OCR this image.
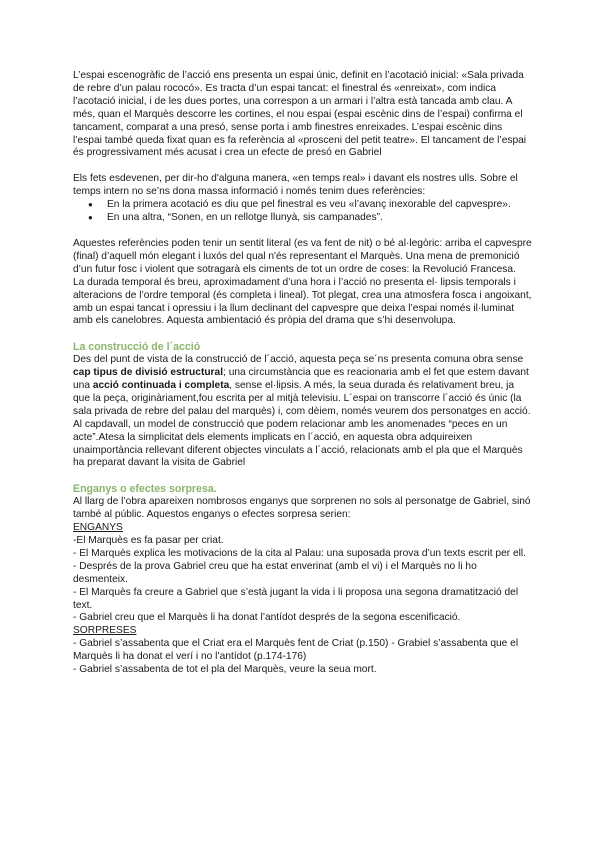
L’espai escenogràfic de l’acció ens presenta un espai únic, definit en l’acotació inicial: «Sala privada de rebre d’un palau rococó». Es tracta d’un espai tancat: el finestral és «enreixat», com indica l’acotació inicial, i de les dues portes, una correspon a un armari i l’altra està tancada amb clau. A més, quan el Marquès descorre les cortines, el nou espai (espai escènic dins de l’espai) confirma el tancament, comparat a una presó, sense porta i amb finestres enreixades. L’espai escènic dins l’espai també queda fixat quan es fa referència al «prosceni del petit teatre». El tancament de l’espai és progressivament més acusat i crea un efecte de presó en Gabriel

Els fets esdevenen, per dir-ho d'alguna manera, «en temps real» i davant els nostres ulls. Sobre el temps intern no se’ns dona massa informació i només tenim dues referències:

● En la primera acotació es diu que pel finestral es veu «l’avanç inexorable del capvespre».
● En una altra, “Sonen, en un rellotge llunyà, sis campanades”.

Aquestes referències poden tenir un sentit literal (es va fent de nit) o bé al·legòric: arriba el capvespre (final) d’aquell món elegant i luxós del qual n'és representant el Marquès. Una mena de premonició d’un futur fosc i violent que sotragarà els ciments de tot un ordre de coses: la Revolució Francesa.

La durada temporal és breu, aproximadament d’una hora i l’acció no presenta el· lipsis temporals i alteracions de l’ordre temporal (és completa i lineal). Tot plegat, crea una atmosfera fosca i angoixant, amb un espai tancat i opressiu i la llum declinant del capvespre que deixa l’espai només il·luminat amb els canelobres. Aquesta ambientació és pròpia del drama que s’hi desenvolupa.

La construcció de l´acció

Des del punt de vista de la construcció de l´acció, aquesta peça se´ns presenta comuna obra sense cap tipus de divisió estructural; una circumstància que es reacionaria amb el fet que estem davant una acció continuada i completa, sense el·lipsis. A més, la seua durada és relativament breu, ja que la peça, originàriament,fou escrita per al mitjà televisiu. L´espai on transcorre l´acció és únic (la sala privada de rebre del palau del marquès) i, com dèiem, només veurem dos personatges en acció. Al capdavall, un model de construcció que podem relacionar amb les anomenades “peces en un acte”.Atesa la simplicitat dels elements implicats en l´acció, en aquesta obra adquireixen unaimportància rellevant diferent objectes vinculats a l´acció, relacionats amb el pla que el Marquès ha preparat davant la visita de Gabriel

Enganys o efectes sorpresa.

Al llarg de l’obra apareixen nombrosos enganys que sorprenen no sols al personatge de Gabriel, sinó també al públic. Aquestos enganys o efectes sorpresa serien:

ENGANYS

-El Marquès es fa pasar per criat.

- El Marquès explica les motivacions de la cita al Palau: una suposada prova d’un texts escrit per ell.

- Després de la prova Gabriel creu que ha estat enverinat (amb el vi) i el Marquès no li ho desmenteix.

- El Marquès fa creure a Gabriel que s’està jugant la vida i li proposa una segona dramatització del text.

- Gabriel creu que el Marquès li ha donat l’antídot després de la segona escenificació.

SORPRESES

- Gabriel s’assabenta que el Criat era el Marquès fent de Criat (p.150) - Grabiel s’assabenta que el Marquès li ha donat el verí i no l’antídot (p.174-176)

- Gabriel s’assabenta de tot el pla del Marquès, veure la seua mort.
